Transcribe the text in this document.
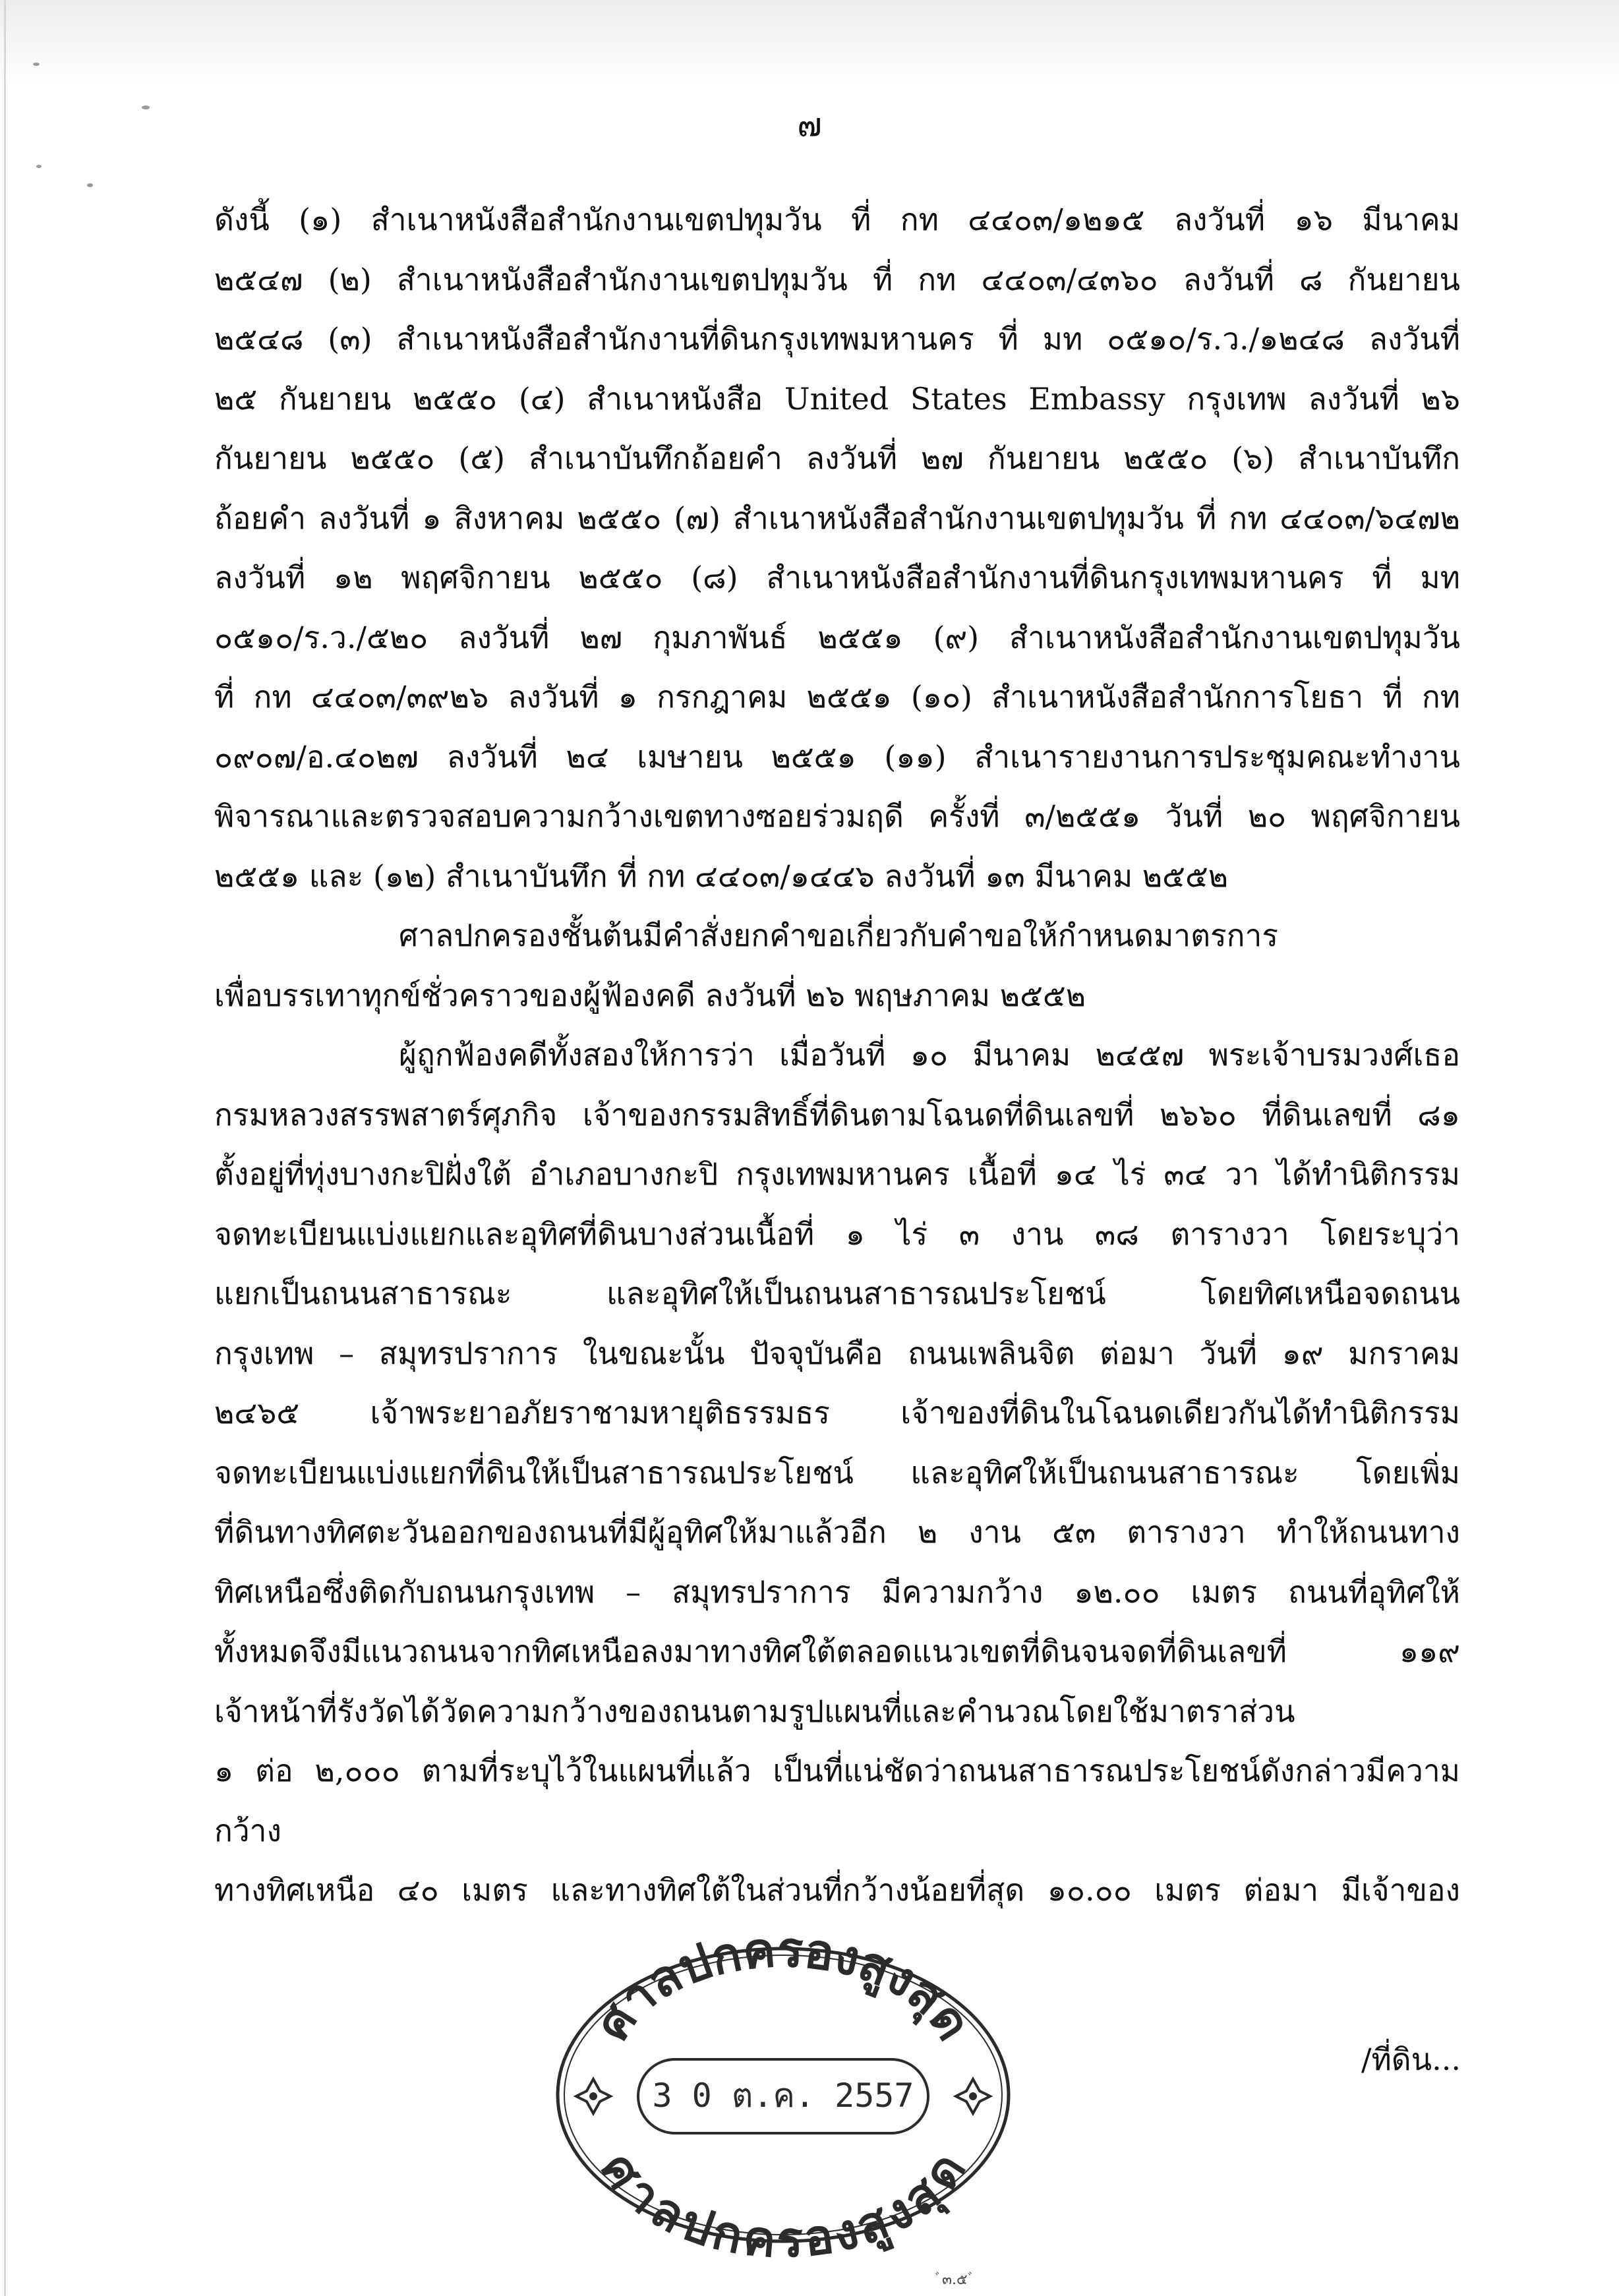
๗

ดังนี้ (๑) สำเนาหนังสือสำนักงานเขตปทุมวัน ที่ กท ๔๔๐๓/๑๒๑๕ ลงวันที่ ๑๖ มีนาคม

๒๕๔๗ (๒) สำเนาหนังสือสำนักงานเขตปทุมวัน ที่ กท ๔๔๐๓/๔๓๖๐ ลงวันที่ ๘ กันยายน

๒๕๔๘ (๓) สำเนาหนังสือสำนักงานที่ดินกรุงเทพมหานคร ที่ มท ๐๕๑๐/ร.ว./๑๒๔๘ ลงวันที่

๒๕ กันยายน ๒๕๕๐ (๔) สำเนาหนังสือ United States Embassy กรุงเทพ ลงวันที่ ๒๖

กันยายน ๒๕๕๐ (๕) สำเนาบันทึกถ้อยคำ ลงวันที่ ๒๗ กันยายน ๒๕๕๐ (๖) สำเนาบันทึก

ถ้อยคำ ลงวันที่ ๑ สิงหาคม ๒๕๕๐ (๗) สำเนาหนังสือสำนักงานเขตปทุมวัน ที่ กท ๔๔๐๓/๖๔๗๒

ลงวันที่ ๑๒ พฤศจิกายน ๒๕๕๐ (๘) สำเนาหนังสือสำนักงานที่ดินกรุงเทพมหานคร ที่ มท

๐๕๑๐/ร.ว./๕๒๐ ลงวันที่ ๒๗ กุมภาพันธ์ ๒๕๕๑ (๙) สำเนาหนังสือสำนักงานเขตปทุมวัน

ที่ กท ๔๔๐๓/๓๙๒๖ ลงวันที่ ๑ กรกฎาคม ๒๕๕๑ (๑๐) สำเนาหนังสือสำนักการโยธา ที่ กท

๐๙๐๗/อ.๔๐๒๗ ลงวันที่ ๒๔ เมษายน ๒๕๕๑ (๑๑) สำเนารายงานการประชุมคณะทำงาน

พิจารณาและตรวจสอบความกว้างเขตทางซอยร่วมฤดี ครั้งที่ ๓/๒๕๕๑ วันที่ ๒๐ พฤศจิกายน

๒๕๕๑ และ (๑๒) สำเนาบันทึก ที่ กท ๔๔๐๓/๑๔๔๖ ลงวันที่ ๑๓ มีนาคม ๒๕๕๒

ศาลปกครองชั้นต้นมีคำสั่งยกคำขอเกี่ยวกับคำขอให้กำหนดมาตรการ

เพื่อบรรเทาทุกข์ชั่วคราวของผู้ฟ้องคดี ลงวันที่ ๒๖ พฤษภาคม ๒๕๕๒

ผู้ถูกฟ้องคดีทั้งสองให้การว่า เมื่อวันที่ ๑๐ มีนาคม ๒๔๕๗ พระเจ้าบรมวงศ์เธอ

กรมหลวงสรรพสาตร์ศุภกิจ เจ้าของกรรมสิทธิ์ที่ดินตามโฉนดที่ดินเลขที่ ๒๖๖๐ ที่ดินเลขที่ ๘๑

ตั้งอยู่ที่ทุ่งบางกะปิฝั่งใต้ อำเภอบางกะปิ กรุงเทพมหานคร เนื้อที่ ๑๔ ไร่ ๓๔ วา ได้ทำนิติกรรม

จดทะเบียนแบ่งแยกและอุทิศที่ดินบางส่วนเนื้อที่ ๑ ไร่ ๓ งาน ๓๘ ตารางวา โดยระบุว่า

แยกเป็นถนนสาธารณะ และอุทิศให้เป็นถนนสาธารณประโยชน์ โดยทิศเหนือจดถนน

กรุงเทพ – สมุทรปราการ ในขณะนั้น ปัจจุบันคือ ถนนเพลินจิต ต่อมา วันที่ ๑๙ มกราคม

๒๔๖๕ เจ้าพระยาอภัยราชามหายุติธรรมธร เจ้าของที่ดินในโฉนดเดียวกันได้ทำนิติกรรม

จดทะเบียนแบ่งแยกที่ดินให้เป็นสาธารณประโยชน์ และอุทิศให้เป็นถนนสาธารณะ โดยเพิ่ม

ที่ดินทางทิศตะวันออกของถนนที่มีผู้อุทิศให้มาแล้วอีก ๒ งาน ๕๓ ตารางวา ทำให้ถนนทาง

ทิศเหนือซึ่งติดกับถนนกรุงเทพ – สมุทรปราการ มีความกว้าง ๑๒.๐๐ เมตร ถนนที่อุทิศให้

ทั้งหมดจึงมีแนวถนนจากทิศเหนือลงมาทางทิศใต้ตลอดแนวเขตที่ดินจนจดที่ดินเลขที่ ๑๑๙

เจ้าหน้าที่รังวัดได้วัดความกว้างของถนนตามรูปแผนที่และคำนวณโดยใช้มาตราส่วน

๑ ต่อ ๒,๐๐๐ ตามที่ระบุไว้ในแผนที่แล้ว เป็นที่แน่ชัดว่าถนนสาธารณประโยชน์ดังกล่าวมีความกว้าง

ทางทิศเหนือ ๔๐ เมตร และทางทิศใต้ในส่วนที่กว้างน้อยที่สุด ๑๐.๐๐ เมตร ต่อมา มีเจ้าของ

/ที่ดิน...
ศาลปกครองสูงสุด
ศาลปกครองสูงสุด
3 0 ต.ค. 2557
ﾞ๓.๕ﾞ
